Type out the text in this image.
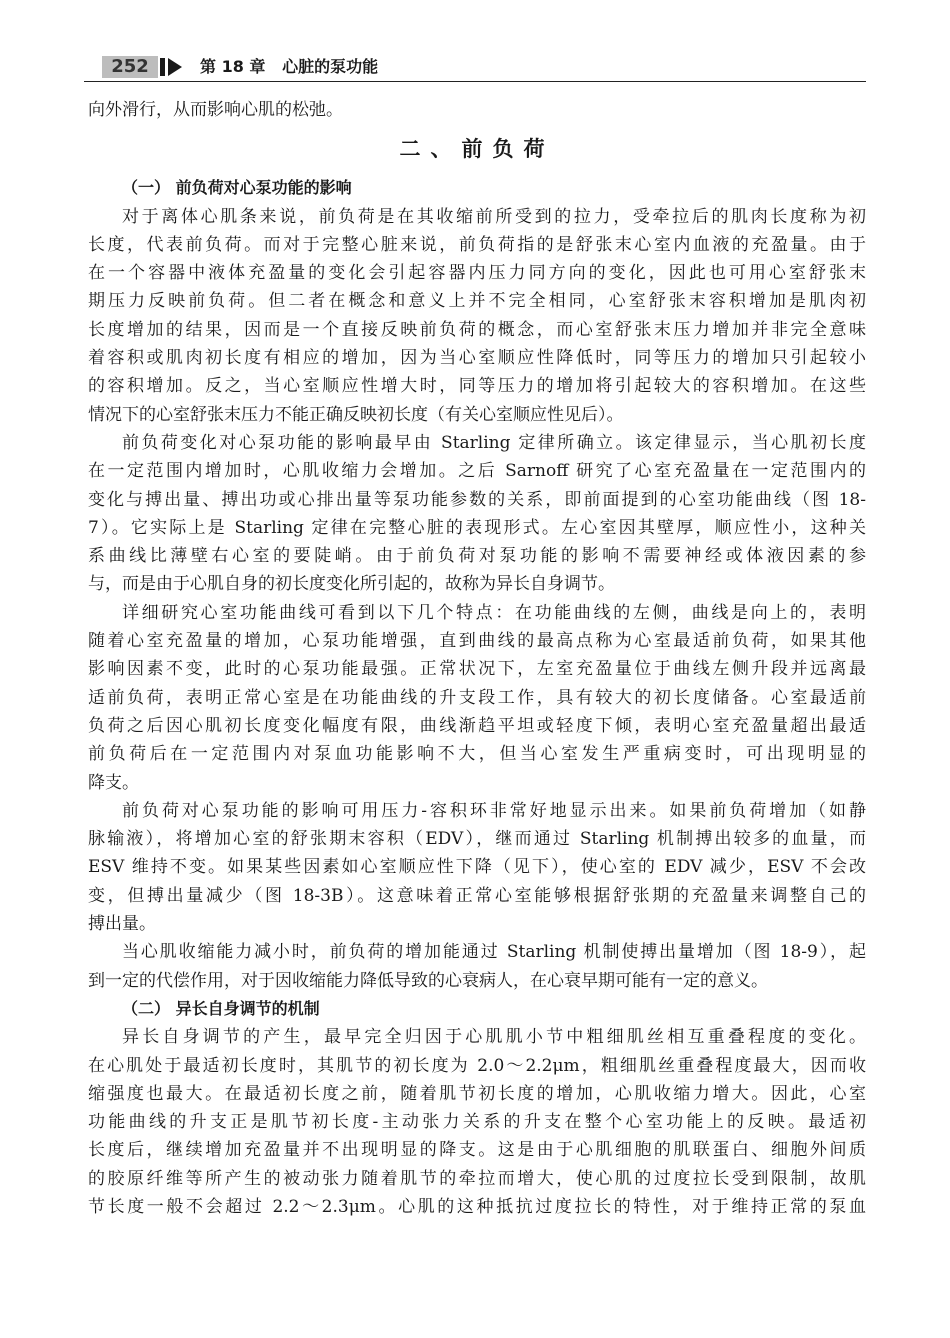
252	第 18 章   心脏的泵功能
向外滑行，从而影响心肌的松弛。
二、前负荷
（一） 前负荷对心泵功能的影响
对于离体心肌条来说，前负荷是在其收缩前所受到的拉力，受牵拉后的肌肉长度称为初
长度，代表前负荷。而对于完整心脏来说，前负荷指的是舒张末心室内血液的充盈量。由于
在一个容器中液体充盈量的变化会引起容器内压力同方向的变化，因此也可用心室舒张末
期压力反映前负荷。但二者在概念和意义上并不完全相同，心室舒张末容积增加是肌肉初
长度增加的结果，因而是一个直接反映前负荷的概念，而心室舒张末压力增加并非完全意味
着容积或肌肉初长度有相应的增加，因为当心室顺应性降低时，同等压力的增加只引起较小
的容积增加。反之，当心室顺应性增大时，同等压力的增加将引起较大的容积增加。在这些
情况下的心室舒张末压力不能正确反映初长度（有关心室顺应性见后）。
前负荷变化对心泵功能的影响最早由 Starling 定律所确立。该定律显示，当心肌初长度
在一定范围内增加时，心肌收缩力会增加。之后 Sarnoff 研究了心室充盈量在一定范围内的
变化与搏出量、搏出功或心排出量等泵功能参数的关系，即前面提到的心室功能曲线（图 18-
7）。它实际上是 Starling 定律在完整心脏的表现形式。左心室因其壁厚，顺应性小，这种关
系曲线比薄壁右心室的要陡峭。由于前负荷对泵功能的影响不需要神经或体液因素的参
与，而是由于心肌自身的初长度变化所引起的，故称为异长自身调节。
详细研究心室功能曲线可看到以下几个特点：在功能曲线的左侧，曲线是向上的，表明
随着心室充盈量的增加，心泵功能增强，直到曲线的最高点称为心室最适前负荷，如果其他
影响因素不变，此时的心泵功能最强。正常状况下，左室充盈量位于曲线左侧升段并远离最
适前负荷，表明正常心室是在功能曲线的升支段工作，具有较大的初长度储备。心室最适前
负荷之后因心肌初长度变化幅度有限，曲线渐趋平坦或轻度下倾，表明心室充盈量超出最适
前负荷后在一定范围内对泵血功能影响不大，但当心室发生严重病变时，可出现明显的
降支。
前负荷对心泵功能的影响可用压力-容积环非常好地显示出来。如果前负荷增加（如静
脉输液），将增加心室的舒张期末容积（EDV），继而通过 Starling 机制搏出较多的血量，而
ESV 维持不变。如果某些因素如心室顺应性下降（见下），使心室的 EDV 减少，ESV 不会改
变，但搏出量减少（图 18-3B）。这意味着正常心室能够根据舒张期的充盈量来调整自己的
搏出量。
当心肌收缩能力减小时，前负荷的增加能通过 Starling 机制使搏出量增加（图 18-9），起
到一定的代偿作用，对于因收缩能力降低导致的心衰病人，在心衰早期可能有一定的意义。
（二） 异长自身调节的机制
异长自身调节的产生，最早完全归因于心肌肌小节中粗细肌丝相互重叠程度的变化。
在心肌处于最适初长度时，其肌节的初长度为 2.0～2.2μm，粗细肌丝重叠程度最大，因而收
缩强度也最大。在最适初长度之前，随着肌节初长度的增加，心肌收缩力增大。因此，心室
功能曲线的升支正是肌节初长度-主动张力关系的升支在整个心室功能上的反映。最适初
长度后，继续增加充盈量并不出现明显的降支。这是由于心肌细胞的肌联蛋白、细胞外间质
的胶原纤维等所产生的被动张力随着肌节的牵拉而增大，使心肌的过度拉长受到限制，故肌
节长度一般不会超过 2.2～2.3μm。心肌的这种抵抗过度拉长的特性，对于维持正常的泵血
